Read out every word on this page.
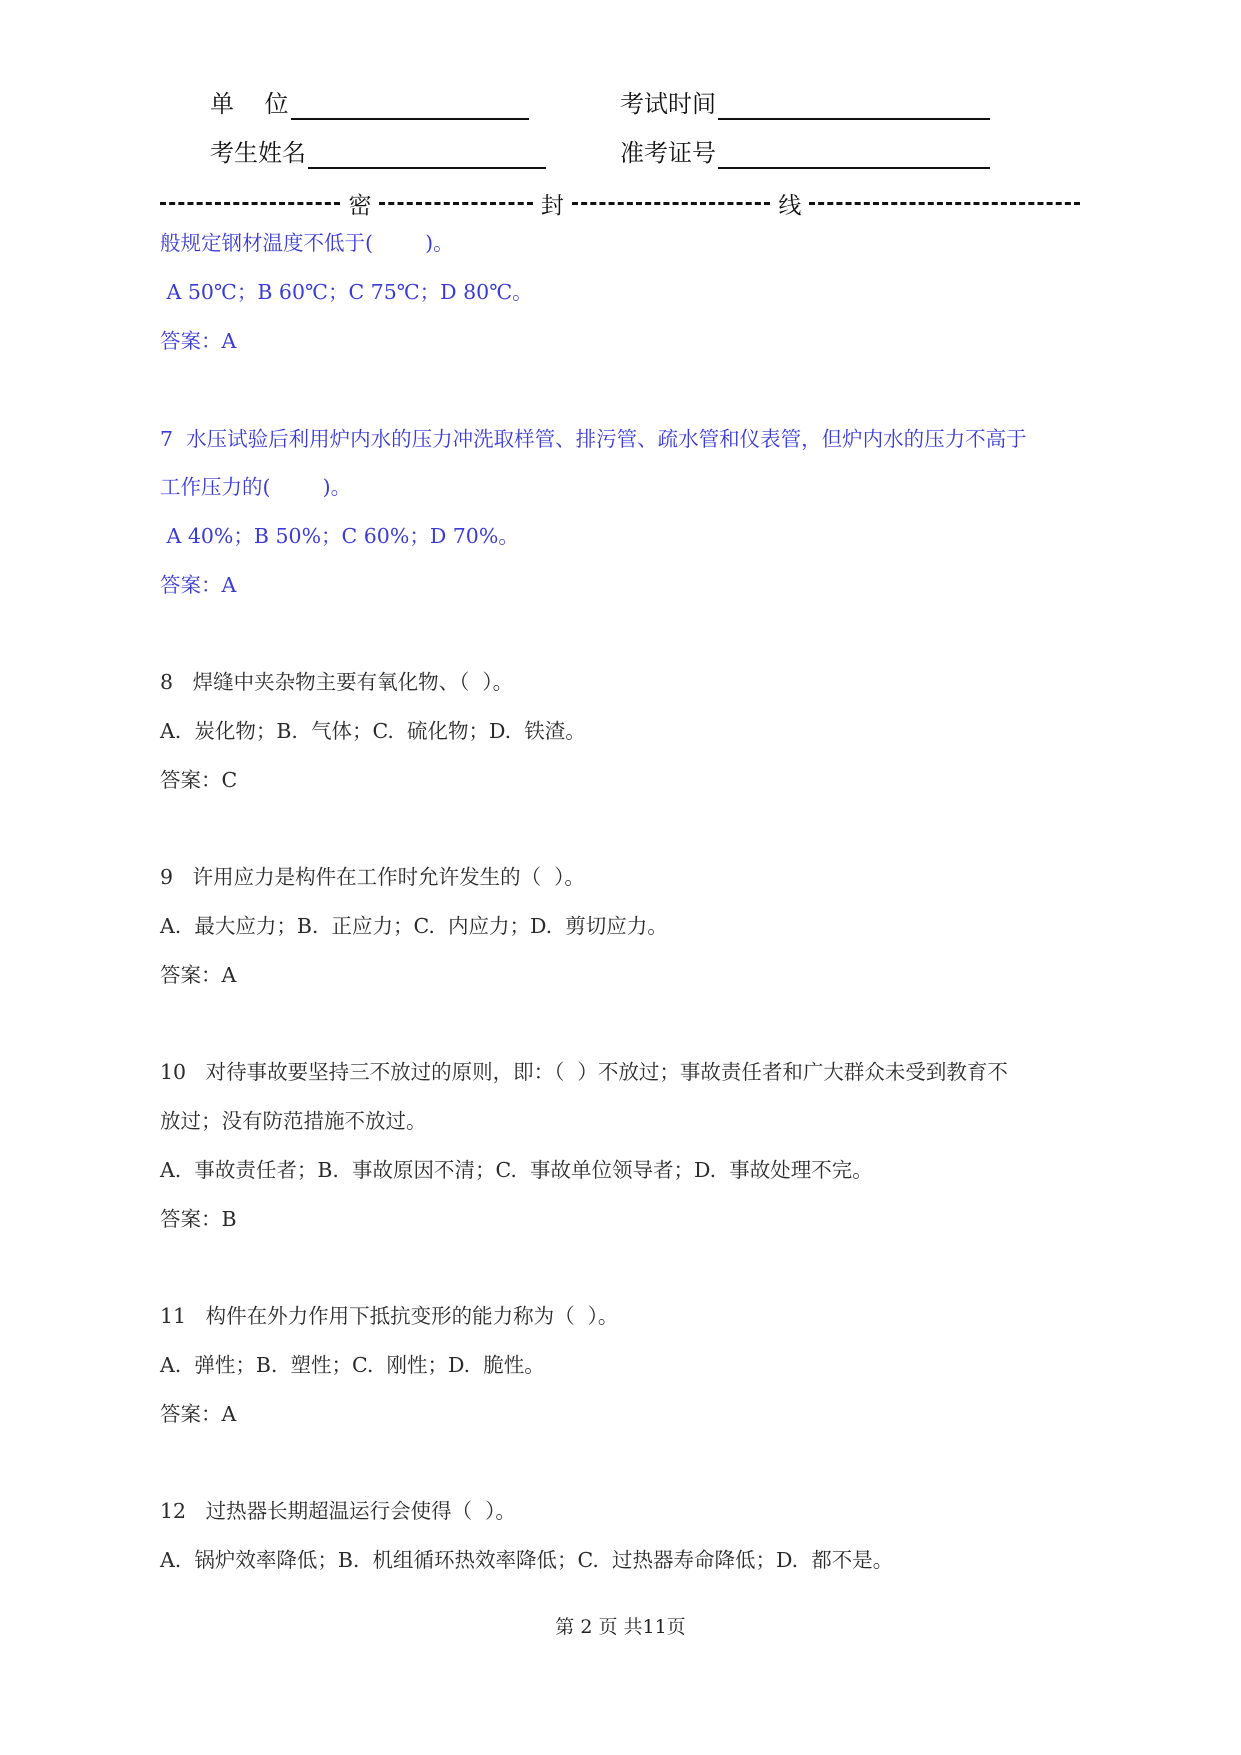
单    位	考试时间
考生姓名	准考证号
密	封	线
般规定钢材温度不低于(        )。
A 50℃；B 60℃；C 75℃；D 80℃。
答案：A
7  水压试验后利用炉内水的压力冲洗取样管、排污管、疏水管和仪表管，但炉内水的压力不高于
工作压力的(        )。
A 40%；B 50%；C 60%；D 70%。
答案：A
8   焊缝中夹杂物主要有氧化物、（  ）。
A.  炭化物；B.  气体；C.  硫化物；D.  铁渣。
答案：C
9   许用应力是构件在工作时允许发生的（  ）。
A.  最大应力；B.  正应力；C.  内应力；D.  剪切应力。
答案：A
10   对待事故要坚持三不放过的原则，即：（  ）不放过；事故责任者和广大群众未受到教育不
放过；没有防范措施不放过。
A.  事故责任者；B.  事故原因不清；C.  事故单位领导者；D.  事故处理不完。
答案：B
11   构件在外力作用下抵抗变形的能力称为（  ）。
A.  弹性；B.  塑性；C.  刚性；D.  脆性。
答案：A
12   过热器长期超温运行会使得（  ）。
A.  锅炉效率降低；B.  机组循环热效率降低；C.  过热器寿命降低；D.  都不是。
第 2 页 共11页
